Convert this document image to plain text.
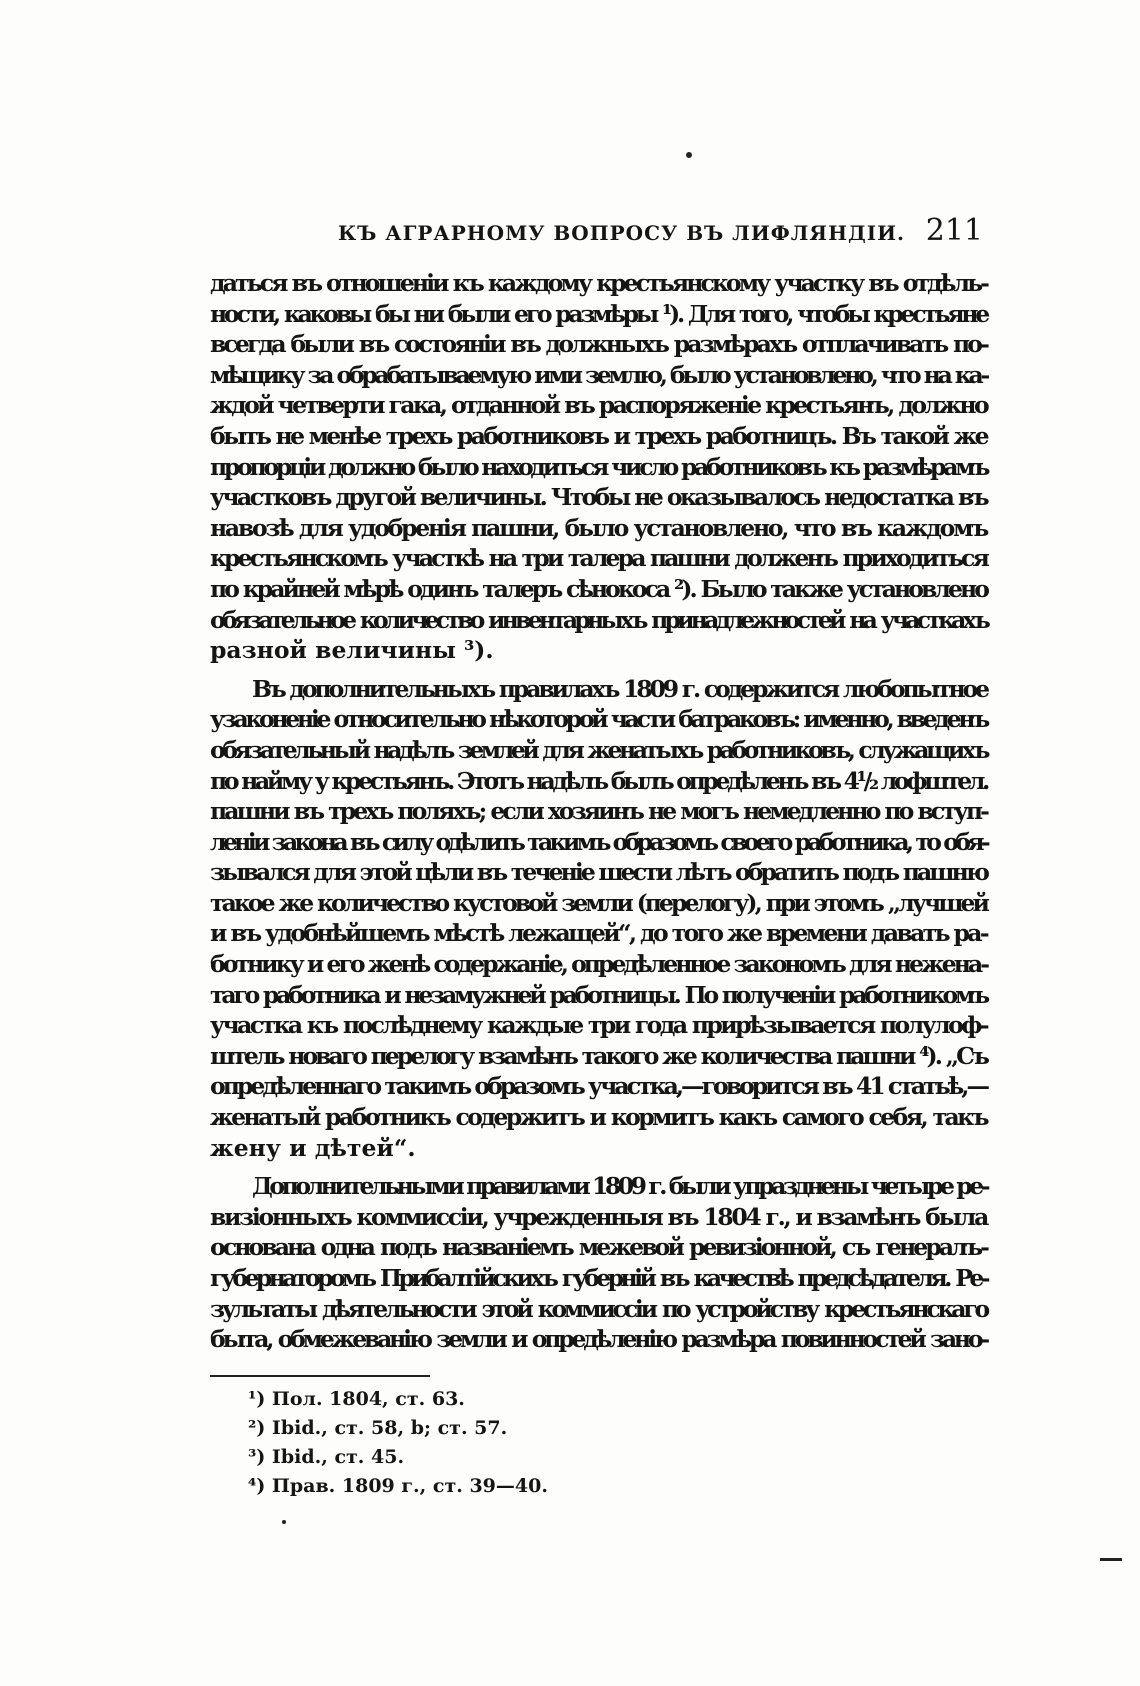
КЪ АГРАРНОМУ ВОПРОСУ ВЪ ЛИФЛЯНДІИ. 211
даться въ отношеніи къ каждому крестьянскому участку въ отдѣль-
ности, каковы бы ни были его размѣры ¹). Для того, чтобы крестьяне
всегда были въ состояніи въ должныхъ размѣрахъ отплачивать по-
мѣщику за обрабатываемую ими землю, было установлено, что на ка-
ждой четверти гака, отданной въ распоряженіе крестьянъ, должно
быть не менѣе трехъ работниковъ и трехъ работницъ. Въ такой же
пропорціи должно было находиться число работниковъ къ размѣрамъ
участковъ другой величины. Чтобы не оказывалось недостатка въ
навозѣ для удобренія пашни, было установлено, что въ каждомъ
крестьянскомъ участкѣ на три талера пашни долженъ приходиться
по крайней мѣрѣ одинъ талеръ сѣнокоса ²). Было также установлено
обязательное количество инвентарныхъ принадлежностей на участкахъ
разной величины ³).
Въ дополнительныхъ правилахъ 1809 г. содержится любопытное
узаконеніе относительно нѣкоторой части батраковъ: именно, введенъ
обязательный надѣлъ землей для женатыхъ работниковъ, служащихъ
по найму у крестьянъ. Этотъ надѣлъ былъ опредѣленъ въ 4¹/₂ лофштел.
пашни въ трехъ поляхъ; если хозяинъ не могъ немедленно по вступ-
леніи закона въ силу одѣлить такимъ образомъ своего работника, то обя-
зывался для этой цѣли въ теченіе шести лѣтъ обратить подъ пашню
такое же количество кустовой земли (перелогу), при этомъ „лучшей
и въ удобнѣйшемъ мѣстѣ лежащей“, до того же времени давать ра-
ботнику и его женѣ содержаніе, опредѣленное закономъ для нежена-
таго работника и незамужней работницы. По полученіи работникомъ
участка къ послѣднему каждые три года прирѣзывается полулоф-
штель новаго перелогу взамѣнъ такого же количества пашни ⁴). „Съ
опредѣленнаго такимъ образомъ участка,—говорится въ 41 статьѣ,—
женатый работникъ содержитъ и кормитъ какъ самого себя, такъ
жену и дѣтей“.
Дополнительными правилами 1809 г. были упразднены четыре ре-
визіонныхъ коммиссіи, учрежденныя въ 1804 г., и взамѣнъ была
основана одна подъ названіемъ межевой ревизіонной, съ генералъ-
губернаторомъ Прибалтійскихъ губерній въ качествѣ предсѣдателя. Ре-
зультаты дѣятельности этой коммиссіи по устройству крестьянскаго
быта, обмежеванію земли и опредѣленію размѣра повинностей зано-
¹) Пол. 1804, ст. 63.
²) Ibid., ст. 58, b; ст. 57.
³) Ibid., ст. 45.
⁴) Прав. 1809 г., ст. 39—40.
